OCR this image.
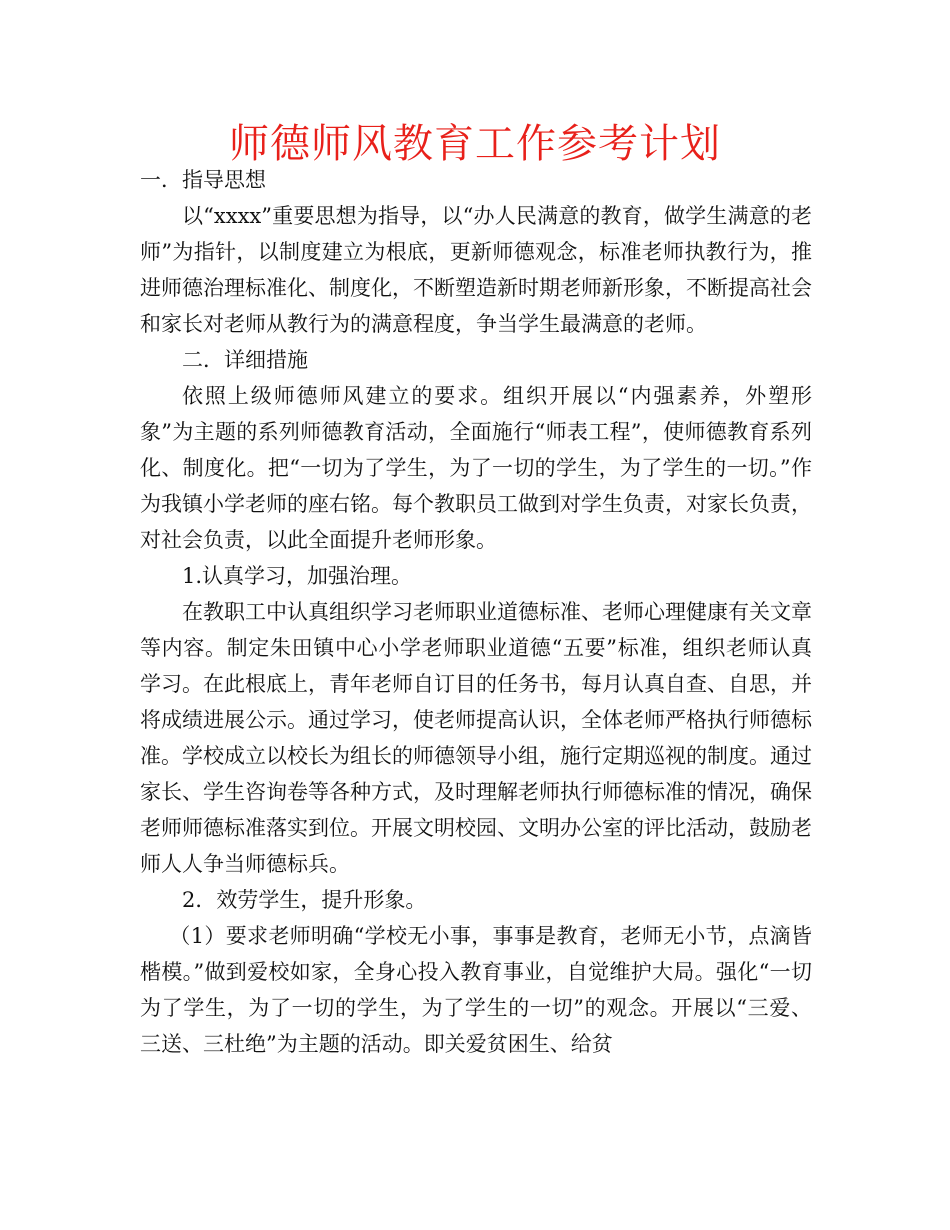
师德师风教育工作参考计划

一．指导思想

以“xxxx”重要思想为指导，以“办人民满意的教育，做学生满意的老师”为指针，以制度建立为根底，更新师德观念，标准老师执教行为，推进师德治理标准化、制度化，不断塑造新时期老师新形象，不断提高社会和家长对老师从教行为的满意程度，争当学生最满意的老师。

二．详细措施

依照上级师德师风建立的要求。组织开展以“内强素养，外塑形象”为主题的系列师德教育活动，全面施行“师表工程”，使师德教育系列化、制度化。把“一切为了学生，为了一切的学生，为了学生的一切。”作为我镇小学老师的座右铭。每个教职员工做到对学生负责，对家长负责，对社会负责，以此全面提升老师形象。

1.认真学习，加强治理。

在教职工中认真组织学习老师职业道德标准、老师心理健康有关文章等内容。制定朱田镇中心小学老师职业道德“五要”标准，组织老师认真学习。在此根底上，青年老师自订目的任务书，每月认真自查、自思，并将成绩进展公示。通过学习，使老师提高认识，全体老师严格执行师德标准。学校成立以校长为组长的师德领导小组，施行定期巡视的制度。通过家长、学生咨询卷等各种方式，及时理解老师执行师德标准的情况，确保老师师德标准落实到位。开展文明校园、文明办公室的评比活动，鼓励老师人人争当师德标兵。

2．效劳学生，提升形象。

（1）要求老师明确“学校无小事，事事是教育，老师无小节，点滴皆楷模。”做到爱校如家，全身心投入教育事业，自觉维护大局。强化“一切为了学生，为了一切的学生，为了学生的一切”的观念。开展以“三爱、三送、三杜绝”为主题的活动。即关爱贫困生、给贫
